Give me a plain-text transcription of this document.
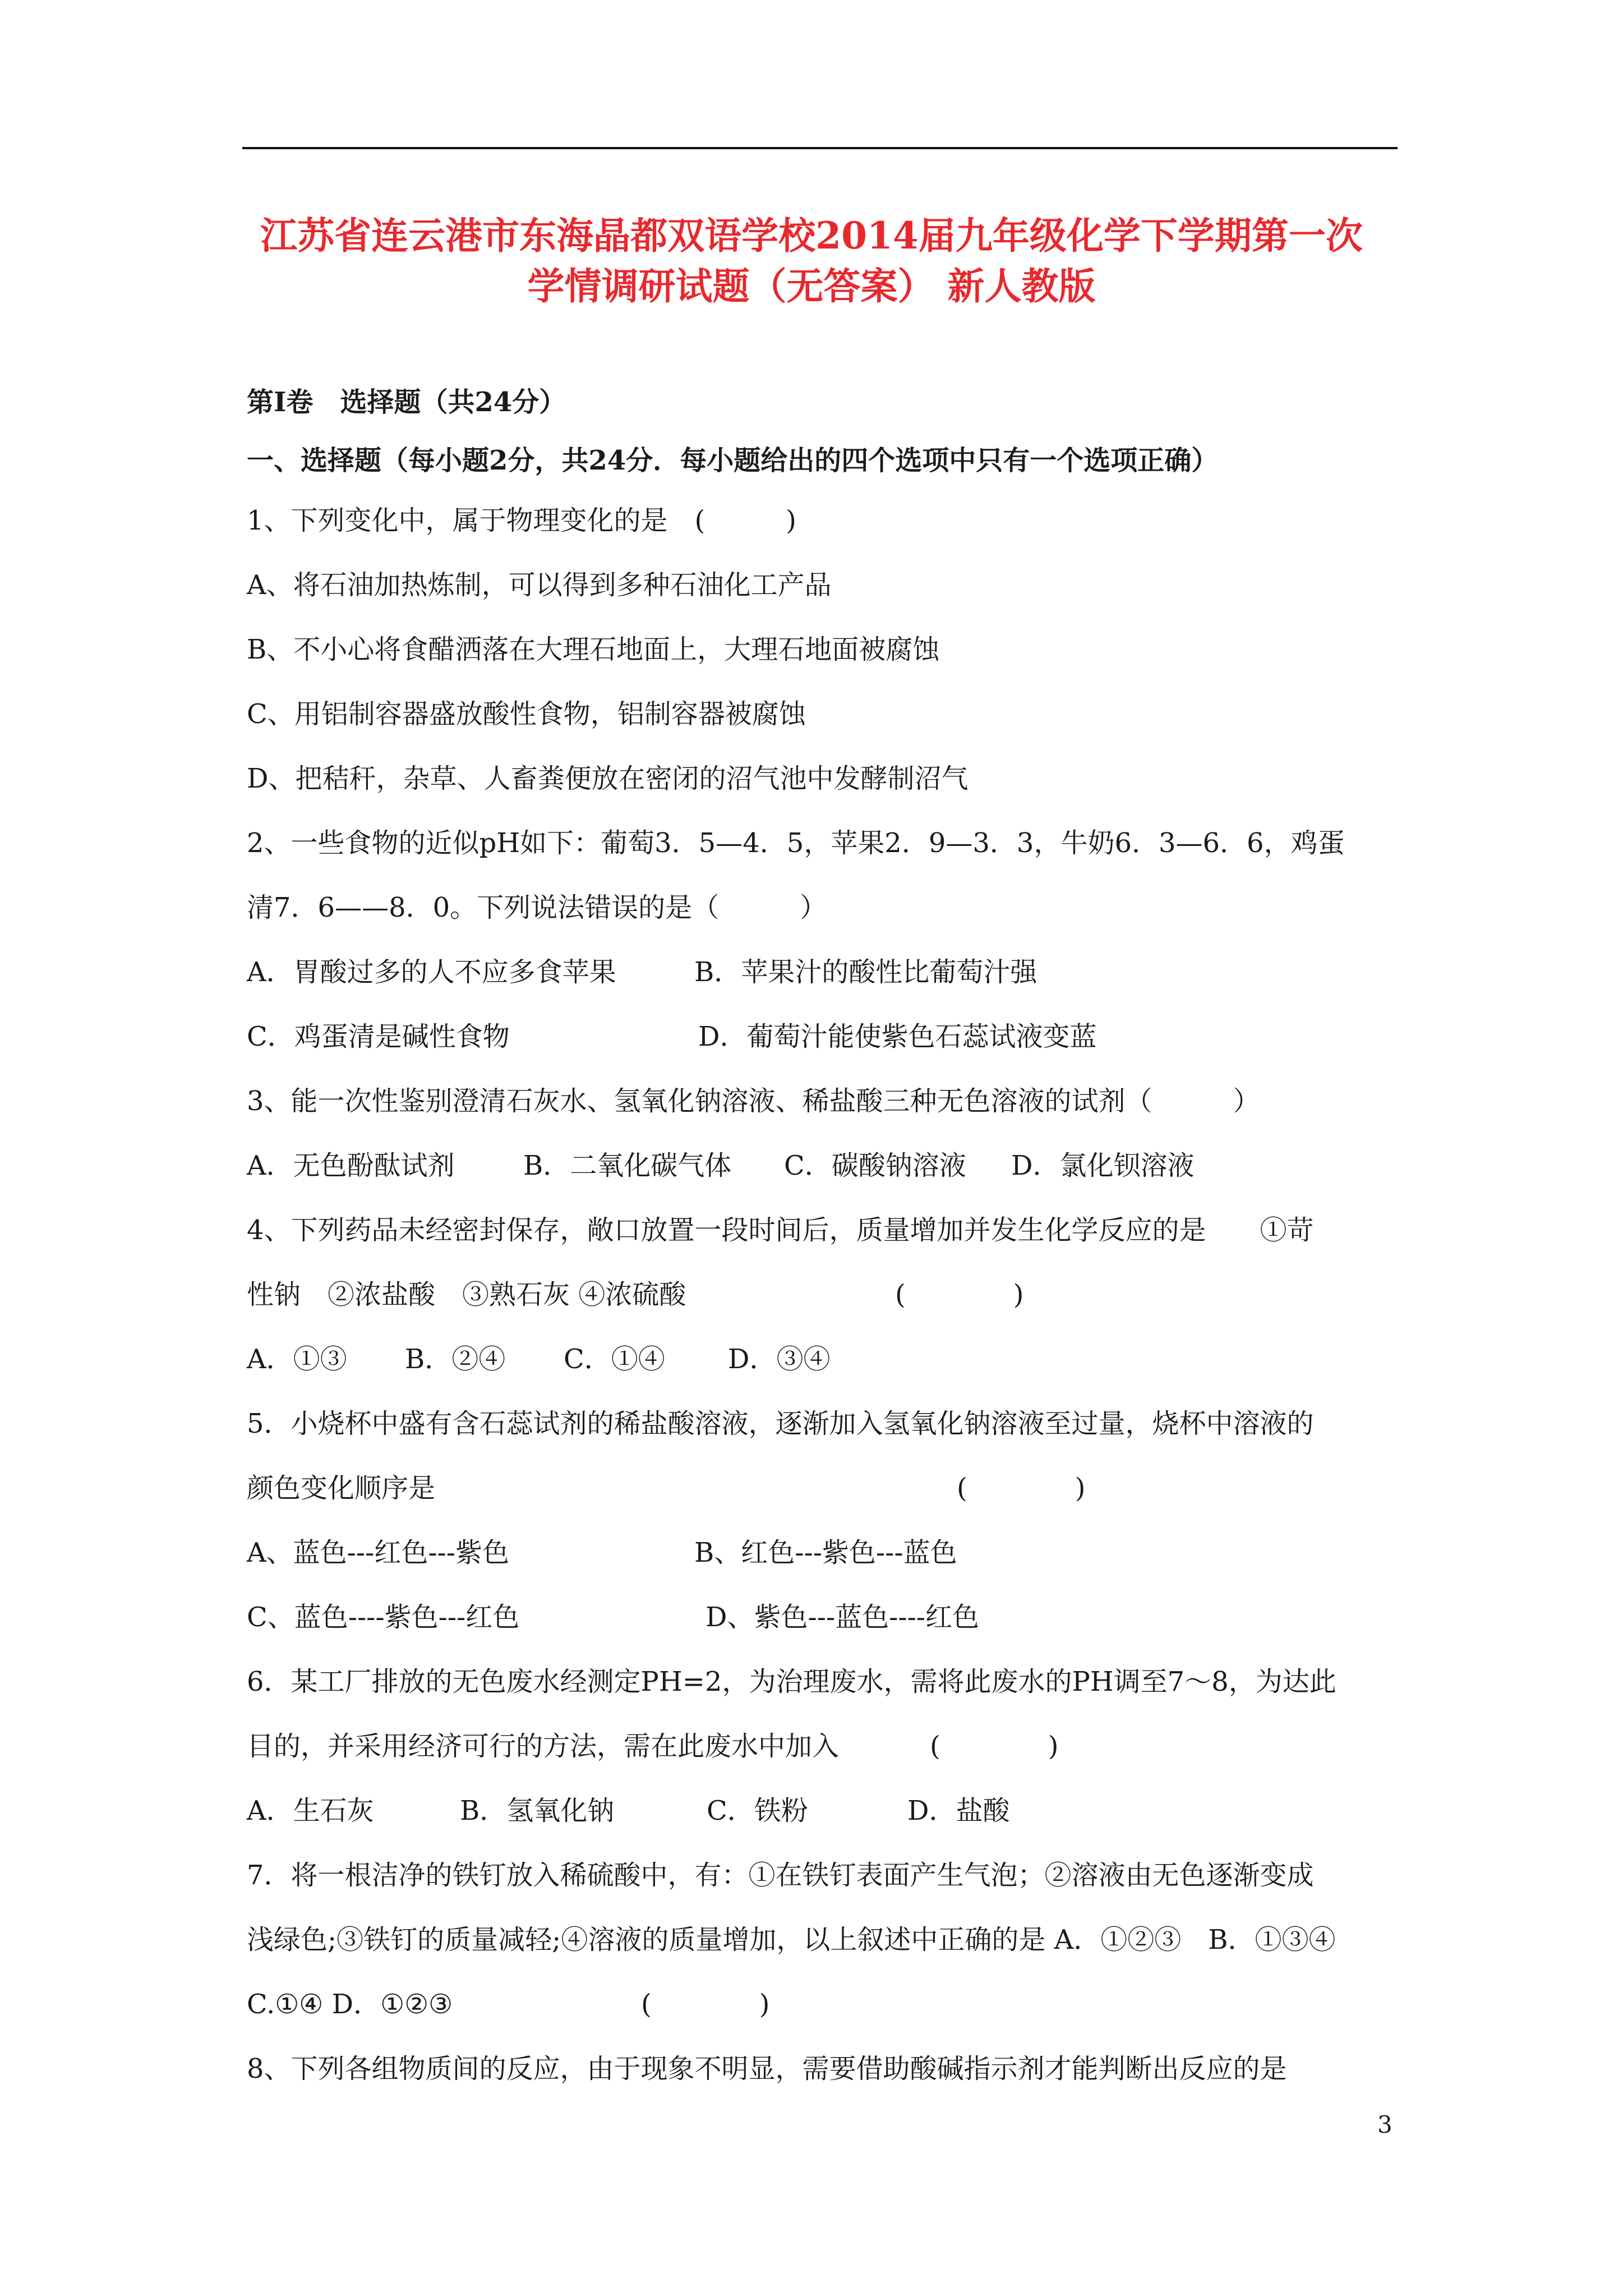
江苏省连云港市东海晶都双语学校2014届九年级化学下学期第一次
学情调研试题（无答案） 新人教版
第Ⅰ卷　选择题（共24分）
一、选择题（每小题2分，共24分．每小题给出的四个选项中只有一个选项正确）
1、下列变化中，属于物理变化的是　(　　　)
A、将石油加热炼制，可以得到多种石油化工产品
B、不小心将食醋洒落在大理石地面上，大理石地面被腐蚀
C、用铝制容器盛放酸性食物，铝制容器被腐蚀
D、把秸秆，杂草、人畜粪便放在密闭的沼气池中发酵制沼气
2、一些食物的近似pH如下：葡萄3．5—4．5，苹果2．9—3．3，牛奶6．3—6．6，鸡蛋
清7．6——8．0。下列说法错误的是（　　　）
A．胃酸过多的人不应多食苹果	B．苹果汁的酸性比葡萄汁强
C．鸡蛋清是碱性食物	D．葡萄汁能使紫色石蕊试液变蓝
3、能一次性鉴别澄清石灰水、氢氧化钠溶液、稀盐酸三种无色溶液的试剂（　　　）
A．无色酚酞试剂	B．二氧化碳气体 C．碳酸钠溶液 D．氯化钡溶液
4、下列药品未经密封保存，敞口放置一段时间后，质量增加并发生化学反应的是　　①苛
性钠　②浓盐酸　③熟石灰 ④浓硫酸	(　　　　)
A．①③ B．②④ C．①④ D．③④
5．小烧杯中盛有含石蕊试剂的稀盐酸溶液，逐渐加入氢氧化钠溶液至过量，烧杯中溶液的
颜色变化顺序是	(　　　　)
A、蓝色---红色---紫色	B、红色---紫色---蓝色
C、蓝色----紫色---红色	D、紫色---蓝色----红色
6．某工厂排放的无色废水经测定PH=2，为治理废水，需将此废水的PH调至7～8，为达此
目的，并采用经济可行的方法，需在此废水中加入	(　　　　)
A．生石灰	B．氢氧化钠	C．铁粉	D．盐酸
7．将一根洁净的铁钉放入稀硫酸中，有：①在铁钉表面产生气泡；②溶液由无色逐渐变成
浅绿色;③铁钉的质量减轻;④溶液的质量增加，以上叙述中正确的是 A．①②③　B．①③④
C.①④ D．①②③	(　　　　)
8、下列各组物质间的反应，由于现象不明显，需要借助酸碱指示剂才能判断出反应的是
3
